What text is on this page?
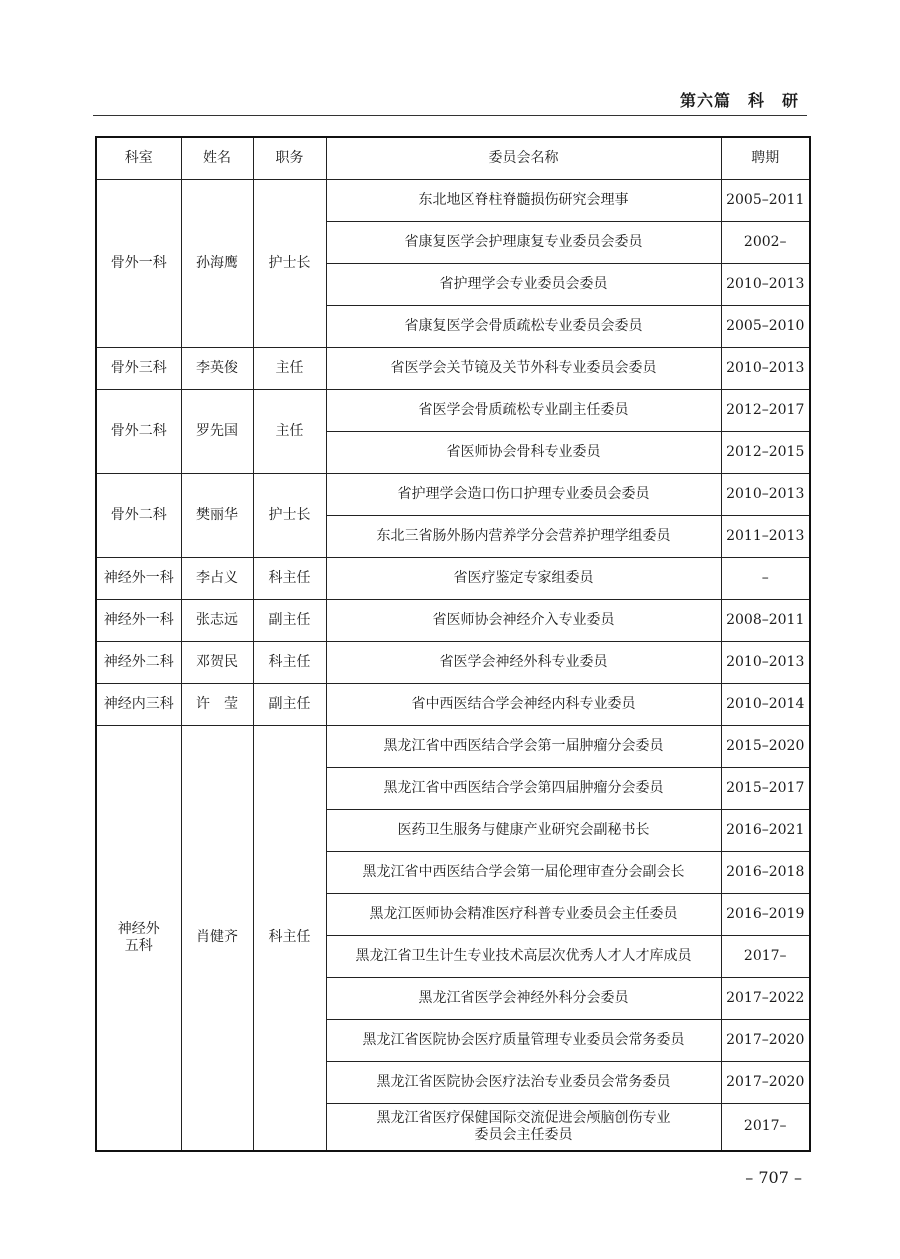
第六篇　科　研
科室	姓名	职务	委员会名称	聘期
骨外一科	孙海鹰	护士长	东北地区脊柱脊髓损伤研究会理事	2005–2011
			省康复医学会护理康复专业委员会委员	2002–
			省护理学会专业委员会委员	2010–2013
			省康复医学会骨质疏松专业委员会委员	2005–2010
骨外三科	李英俊	主任	省医学会关节镜及关节外科专业委员会委员	2010–2013
骨外二科	罗先国	主任	省医学会骨质疏松专业副主任委员	2012–2017
			省医师协会骨科专业委员	2012–2015
骨外二科	樊丽华	护士长	省护理学会造口伤口护理专业委员会委员	2010–2013
			东北三省肠外肠内营养学分会营养护理学组委员	2011–2013
神经外一科	李占义	科主任	省医疗鉴定专家组委员	–
神经外一科	张志远	副主任	省医师协会神经介入专业委员	2008–2011
神经外二科	邓贺民	科主任	省医学会神经外科专业委员	2010–2013
神经内三科	许　莹	副主任	省中西医结合学会神经内科专业委员	2010–2014
神经外
五科	肖健齐	科主任	黑龙江省中西医结合学会第一届肿瘤分会委员	2015–2020
			黑龙江省中西医结合学会第四届肿瘤分会委员	2015–2017
			医药卫生服务与健康产业研究会副秘书长	2016–2021
			黑龙江省中西医结合学会第一届伦理审查分会副会长	2016–2018
			黑龙江医师协会精准医疗科普专业委员会主任委员	2016–2019
			黑龙江省卫生计生专业技术高层次优秀人才人才库成员	2017–
			黑龙江省医学会神经外科分会委员	2017–2022
			黑龙江省医院协会医疗质量管理专业委员会常务委员	2017–2020
			黑龙江省医院协会医疗法治专业委员会常务委员	2017–2020
			黑龙江省医疗保健国际交流促进会颅脑创伤专业
委员会主任委员	2017–
– 707 –
